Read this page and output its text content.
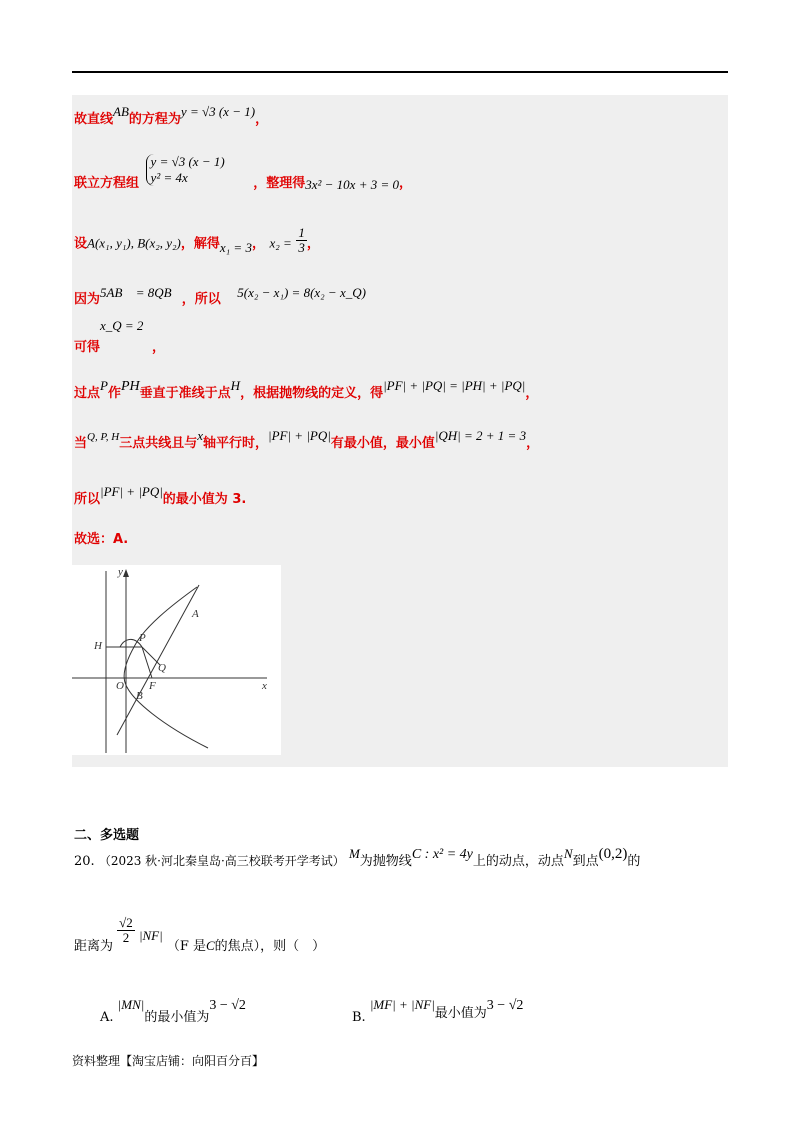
故直线AB的方程为y = √3 (x − 1)，
联立方程组
y = √3 (x − 1)
y² = 4x	，整理得3x² − 10x + 3 = 0，
设A(x₁, y₁), B(x₂, y₂)，解得x₁ = 3， $x_2 = \frac{1}{3}$ ，
因为5AB⃗ = 8QB⃗，所以 5(x₂ − x₁) = 8(x₂ − x_Q)
x_Q = 2
可得	，
过点P作PH垂直于准线于点H，根据抛物线的定义，得|PF| + |PQ| = |PH| + |PQ|，
当$^{Q, P, H}$三点共线且与x轴平行时，|PF| + |PQ|有最小值，最小值|QH| = 2 + 1 = 3，
所以|PF| + |PQ|的最小值为 3.
故选：A.
y
x
H
P
A
Q
O F
B
二、多选题
20. （2023 秋·河北秦皇岛·高三校联考开学考试） M为抛物线C : x² = 4y上的动点，动点N到点(0,2)的
距离为
$\frac{√2}{2} |NF|$ （F 是C的焦点），则（　）
A. |MN|的最小值为3 − √2
B. |MF| + |NF|最小值为3 − √2
资料整理【淘宝店铺：向阳百分百】
